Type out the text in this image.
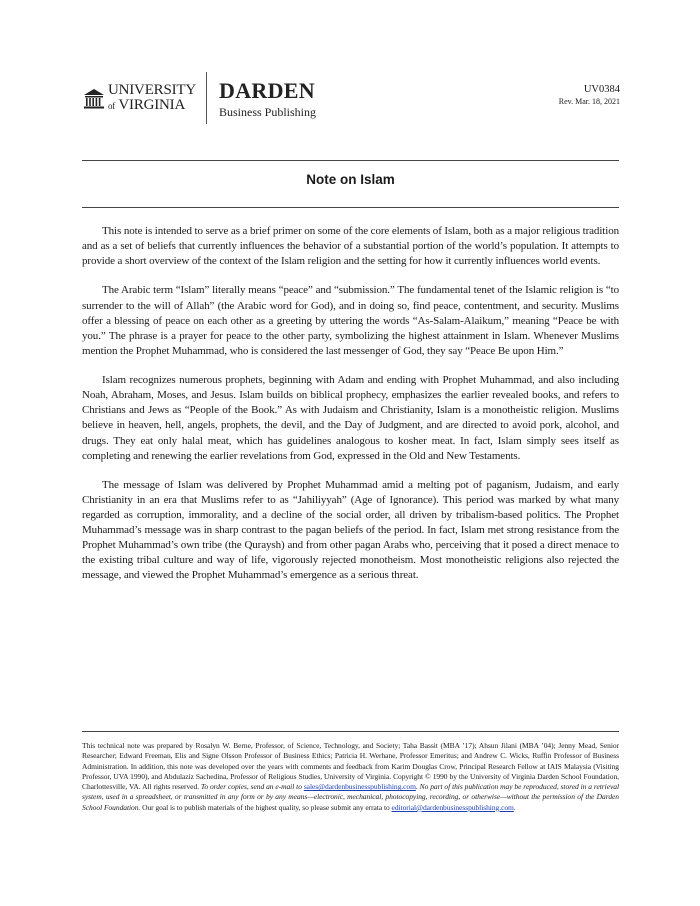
UNIVERSITY
of VIRGINIA
DARDEN
Business Publishing
UV0384
Rev. Mar. 18, 2021
Note on Islam

This note is intended to serve as a brief primer on some of the core elements of Islam, both as a major religious tradition and as a set of beliefs that currently influences the behavior of a substantial portion of the world’s population. It attempts to provide a short overview of the context of the Islam religion and the setting for how it currently influences world events.

The Arabic term “Islam” literally means “peace” and “submission.” The fundamental tenet of the Islamic religion is “to surrender to the will of Allah” (the Arabic word for God), and in doing so, find peace, contentment, and security. Muslims offer a blessing of peace on each other as a greeting by uttering the words “As-Salam-Alaikum,” meaning “Peace be with you.” The phrase is a prayer for peace to the other party, symbolizing the highest attainment in Islam. Whenever Muslims mention the Prophet Muhammad, who is considered the last messenger of God, they say “Peace Be upon Him.”

Islam recognizes numerous prophets, beginning with Adam and ending with Prophet Muhammad, and also including Noah, Abraham, Moses, and Jesus. Islam builds on biblical prophecy, emphasizes the earlier revealed books, and refers to Christians and Jews as “People of the Book.” As with Judaism and Christianity, Islam is a monotheistic religion. Muslims believe in heaven, hell, angels, prophets, the devil, and the Day of Judgment, and are directed to avoid pork, alcohol, and drugs. They eat only halal meat, which has guidelines analogous to kosher meat. In fact, Islam simply sees itself as completing and renewing the earlier revelations from God, expressed in the Old and New Testaments.

The message of Islam was delivered by Prophet Muhammad amid a melting pot of paganism, Judaism, and early Christianity in an era that Muslims refer to as “Jahiliyyah” (Age of Ignorance). This period was marked by what many regarded as corruption, immorality, and a decline of the social order, all driven by tribalism-based politics. The Prophet Muhammad’s message was in sharp contrast to the pagan beliefs of the period. In fact, Islam met strong resistance from the Prophet Muhammad’s own tribe (the Quraysh) and from other pagan Arabs who, perceiving that it posed a direct menace to the existing tribal culture and way of life, vigorously rejected monotheism. Most monotheistic religions also rejected the message, and viewed the Prophet Muhammad’s emergence as a serious threat.

This technical note was prepared by Rosalyn W. Berne, Professor, of Science, Technology, and Society; Taha Bassit (MBA ’17); Ahsun Jilani (MBA ’04); Jenny Mead, Senior Researcher; Edward Freeman, Elis and Signe Olsson Professor of Business Ethics; Patricia H. Werhane, Professor Emeritus; and Andrew C. Wicks, Ruffin Professor of Business Administration. In addition, this note was developed over the years with comments and feedback from Karim Douglas Crow, Principal Research Fellow at IAIS Malaysia (Visiting Professor, UVA 1990), and Abdulaziz Sachedina, Professor of Religious Studies, University of Virginia. Copyright © 1990 by the University of Virginia Darden School Foundation, Charlottesville, VA. All rights reserved. To order copies, send an e-mail to sales@dardenbusinesspublishing.com. No part of this publication may be reproduced, stored in a retrieval system, used in a spreadsheet, or transmitted in any form or by any means—electronic, mechanical, photocopying, recording, or otherwise—without the permission of the Darden School Foundation. Our goal is to publish materials of the highest quality, so please submit any errata to editorial@dardenbusinesspublishing.com.
